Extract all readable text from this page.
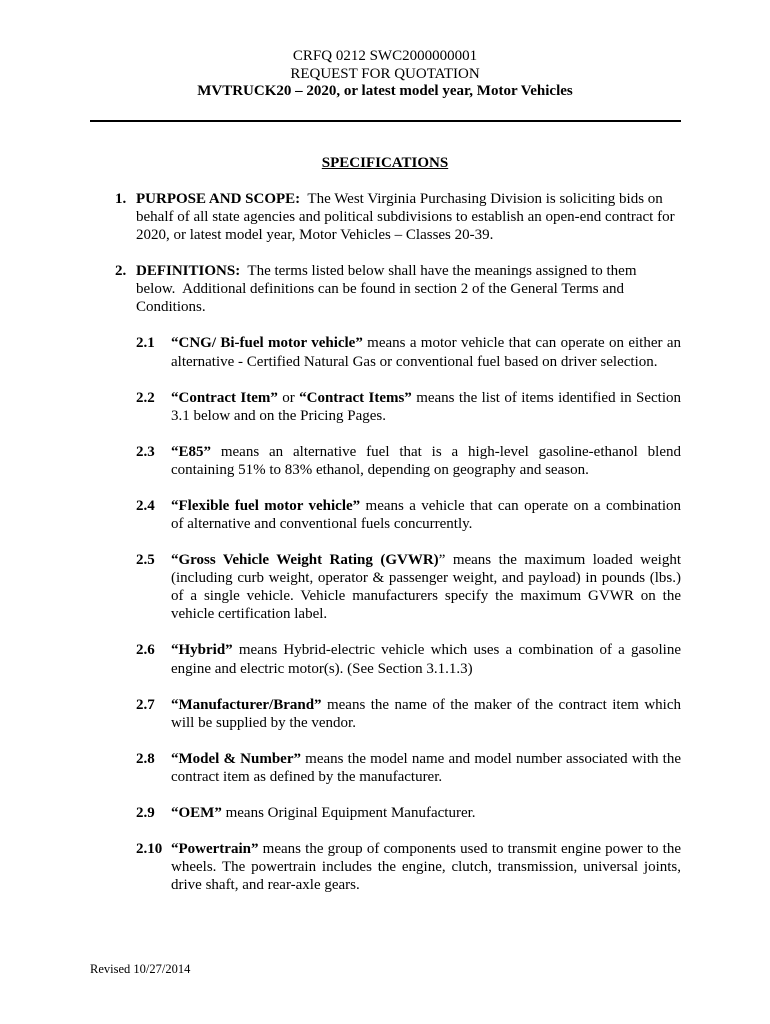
CRFQ 0212 SWC2000000001
REQUEST FOR QUOTATION
MVTRUCK20 – 2020, or latest model year, Motor Vehicles
SPECIFICATIONS
1. PURPOSE AND SCOPE:  The West Virginia Purchasing Division is soliciting bids on
behalf of all state agencies and political subdivisions to establish an open-end contract for
2020, or latest model year, Motor Vehicles – Classes 20-39.
2. DEFINITIONS:  The terms listed below shall have the meanings assigned to them
below.  Additional definitions can be found in section 2 of the General Terms and
Conditions.
2.1 “CNG/ Bi-fuel motor vehicle” means a motor vehicle that can operate on either an
alternative - Certified Natural Gas or conventional fuel based on driver selection.
2.2 “Contract Item” or “Contract Items” means the list of items identified in Section
3.1 below and on the Pricing Pages.
2.3 “E85” means an alternative fuel that is a high-level gasoline-ethanol blend
containing 51% to 83% ethanol, depending on geography and season.
2.4 “Flexible fuel motor vehicle” means a vehicle that can operate on a combination
of alternative and conventional fuels concurrently.
2.5 “Gross Vehicle Weight Rating (GVWR)” means the maximum loaded weight
(including curb weight, operator & passenger weight, and payload) in pounds (lbs.)
of a single vehicle. Vehicle manufacturers specify the maximum GVWR on the
vehicle certification label.
2.6 “Hybrid” means Hybrid-electric vehicle which uses a combination of a gasoline
engine and electric motor(s). (See Section 3.1.1.3)
2.7 “Manufacturer/Brand” means the name of the maker of the contract item which
will be supplied by the vendor.
2.8 “Model & Number” means the model name and model number associated with the
contract item as defined by the manufacturer.
2.9 “OEM” means Original Equipment Manufacturer.
2.10 “Powertrain” means the group of components used to transmit engine power to the
wheels. The powertrain includes the engine, clutch, transmission, universal joints,
drive shaft, and rear-axle gears.
Revised 10/27/2014
